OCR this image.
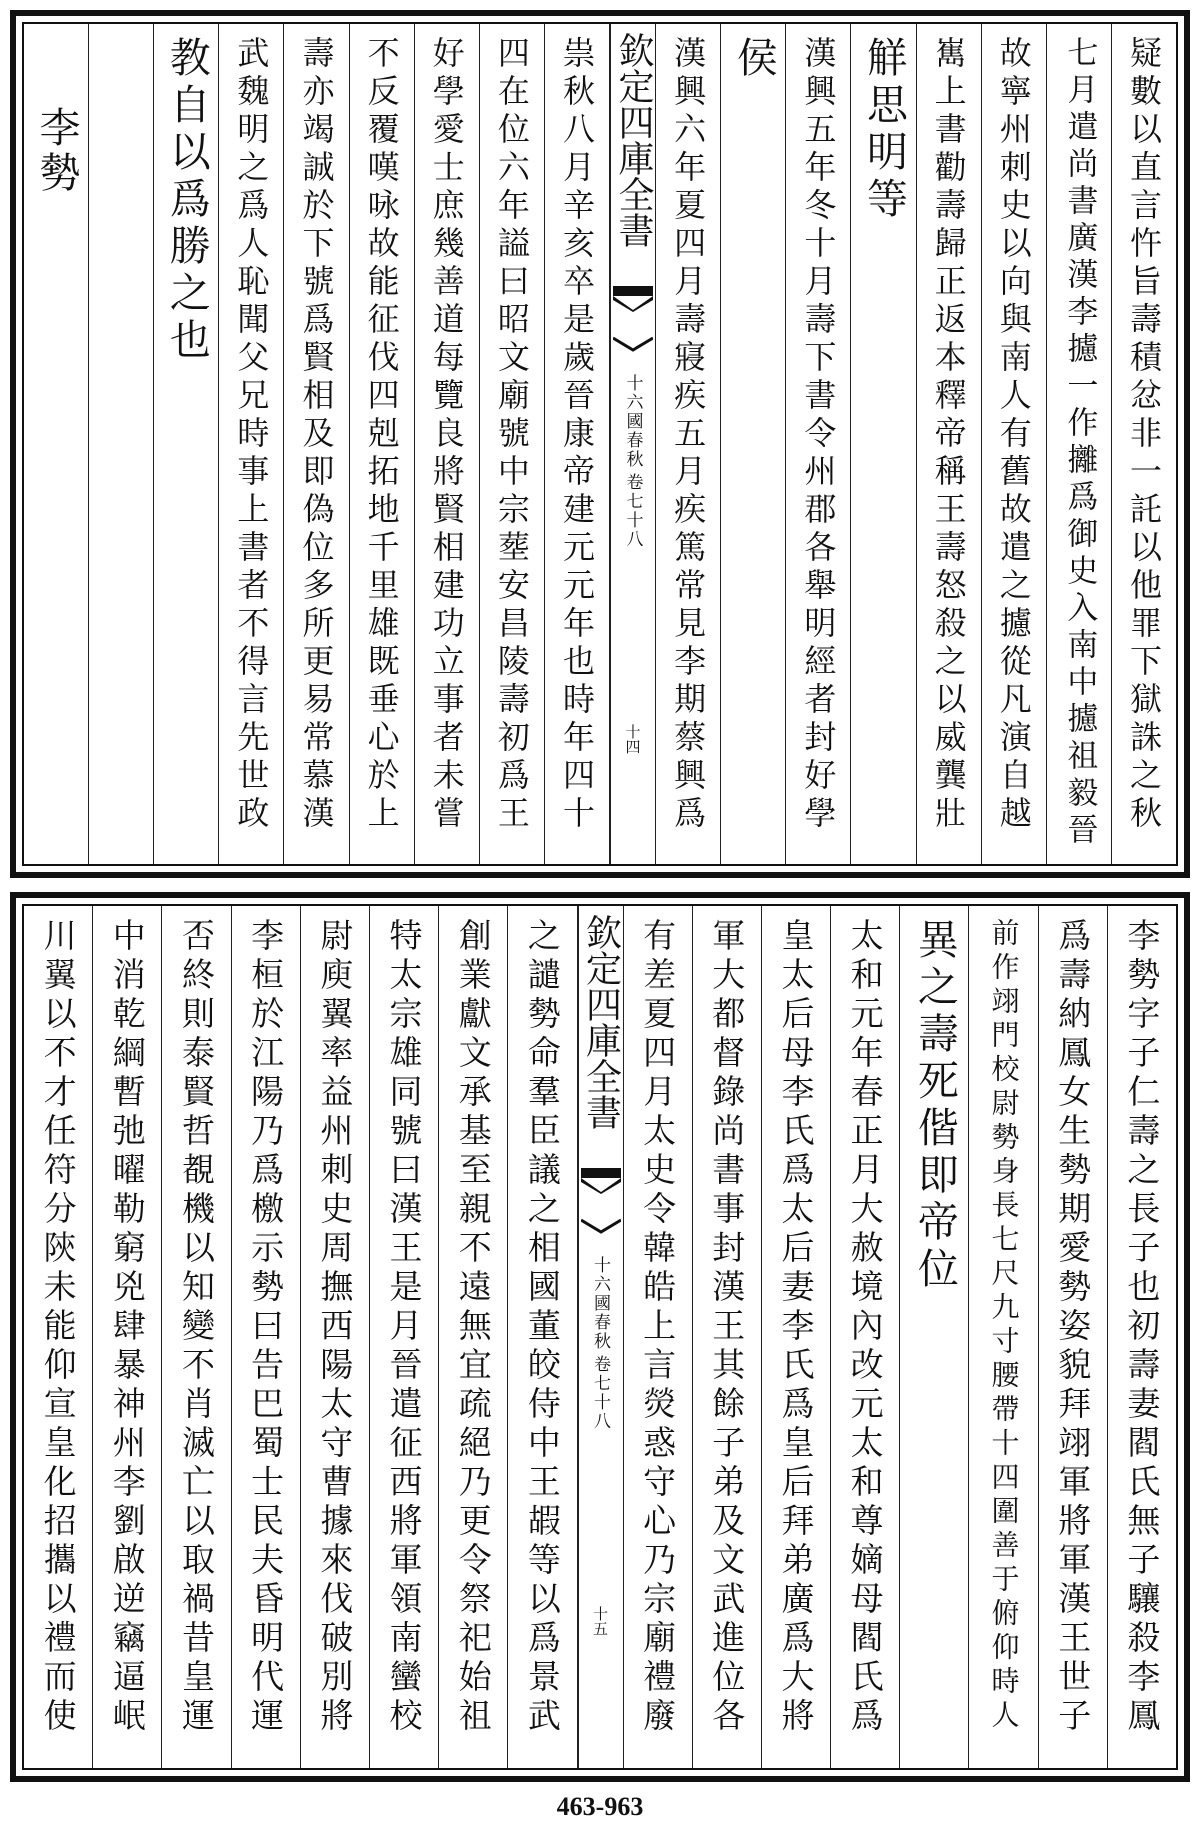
疑數以直言忤旨壽積忿非一託以他罪下獄誅之秋
七月遣尚書廣漢李攄一作攡爲御史入南中攄祖毅晉
故寧州刺史以向與南人有舊故遣之攄從凡演自越
嶲上書勸壽歸正返本釋帝稱王壽怒殺之以威龔壯
觧思明等
漢興五年冬十月壽下書令州郡各舉明經者封好學
侯
漢興六年夏四月壽寢疾五月疾篤常見李期蔡興爲
欽定四庫全書
十六國春秋
卷七十八
十四
祟秋八月辛亥卒是歲晉康帝建元元年也時年四十
四在位六年謚曰昭文廟號中宗塟安昌陵壽初爲王
好學愛士庶幾善道每覽良將賢相建功立事者未嘗
不反覆嘆咏故能征伐四剋拓地千里雄既垂心於上
壽亦竭誠於下號爲賢相及即偽位多所更易常慕漢
武魏明之爲人恥聞父兄時事上書者不得言先世政
教自以爲勝之也
李勢
李勢字子仁壽之長子也初壽妻閻氏無子驤殺李鳳
爲壽納鳳女生勢期愛勢姿貌拜翊軍將軍漢王世子
前作翊門校尉勢身長七尺九寸腰帶十四圍善于俯仰時人
異之壽死偕即帝位
太和元年春正月大赦境內改元太和尊嫡母閻氏爲
皇太后母李氏爲太后妻李氏爲皇后拜弟廣爲大將
軍大都督錄尚書事封漢王其餘子弟及文武進位各
有差夏四月太史令韓皓上言熒惑守心乃宗廟禮廢
欽定四庫全書
十六國春秋
卷七十八
十五
之譴勢命羣臣議之相國董皎侍中王嘏等以爲景武
創業獻文承基至親不遠無宜疏絕乃更令祭祀始祖
特太宗雄同號曰漢王是月晉遣征西將軍領南蠻校
尉庾翼率益州刺史周撫西陽太守曹據來伐破別將
李桓於江陽乃爲檄示勢曰告巴蜀士民夫昏明代運
否終則泰賢哲覩機以知變不肖滅亡以取禍昔皇運
中消乾綱暫弛曜勒窮兇肆暴神州李劉啟逆竊逼岷
川翼以不才任符分陝未能仰宣皇化招攜以禮而使
463-963
